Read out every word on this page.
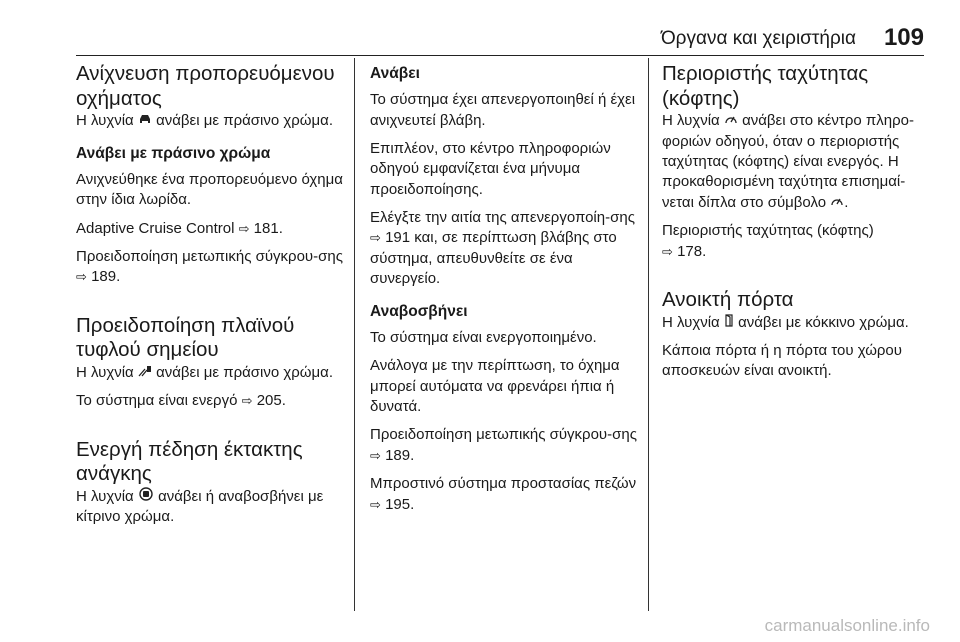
Όργανα και χειριστήρια 109
Ανίχνευση προπορευόμενου οχήματος

Η λυχνία ανάβει με πράσινο χρώμα.

Ανάβει με πράσινο χρώμα

Ανιχνεύθηκε ένα προπορευόμενο όχημα στην ίδια λωρίδα.

Adaptive Cruise Control ⇨ 181.

Προειδοποίηση μετωπικής σύγκρου-σης ⇨ 189.

Προειδοποίηση πλαϊνού τυφλού σημείου

Η λυχνία ανάβει με πράσινο χρώμα.

Το σύστημα είναι ενεργό ⇨ 205.

Ενεργή πέδηση έκτακτης ανάγκης

Η λυχνία ανάβει ή αναβοσβήνει με κίτρινο χρώμα.

Ανάβει

Το σύστημα έχει απενεργοποιηθεί ή έχει ανιχνευτεί βλάβη.

Επιπλέον, στο κέντρο πληροφοριών οδηγού εμφανίζεται ένα μήνυμα προειδοποίησης.

Ελέγξτε την αιτία της απενεργοποίη-σης ⇨ 191 και, σε περίπτωση βλάβης στο σύστημα, απευθυνθείτε σε ένα συνεργείο.

Αναβοσβήνει

Το σύστημα είναι ενεργοποιημένο.

Ανάλογα με την περίπτωση, το όχημα μπορεί αυτόματα να φρενάρει ήπια ή δυνατά.

Προειδοποίηση μετωπικής σύγκρου-σης ⇨ 189.

Μπροστινό σύστημα προστασίας πεζών ⇨ 195.

Περιοριστής ταχύτητας (κόφτης)

Η λυχνία ανάβει στο κέντρο πληρο-φοριών οδηγού, όταν ο περιοριστής ταχύτητας (κόφτης) είναι ενεργός. Η προκαθορισμένη ταχύτητα επισημαί-νεται δίπλα στο σύμβολο .

Περιοριστής ταχύτητας (κόφτης)
⇨ 178.

Ανοικτή πόρτα

Η λυχνία ανάβει με κόκκινο χρώμα.

Κάποια πόρτα ή η πόρτα του χώρου αποσκευών είναι ανοικτή.

carmanualsonline.info
